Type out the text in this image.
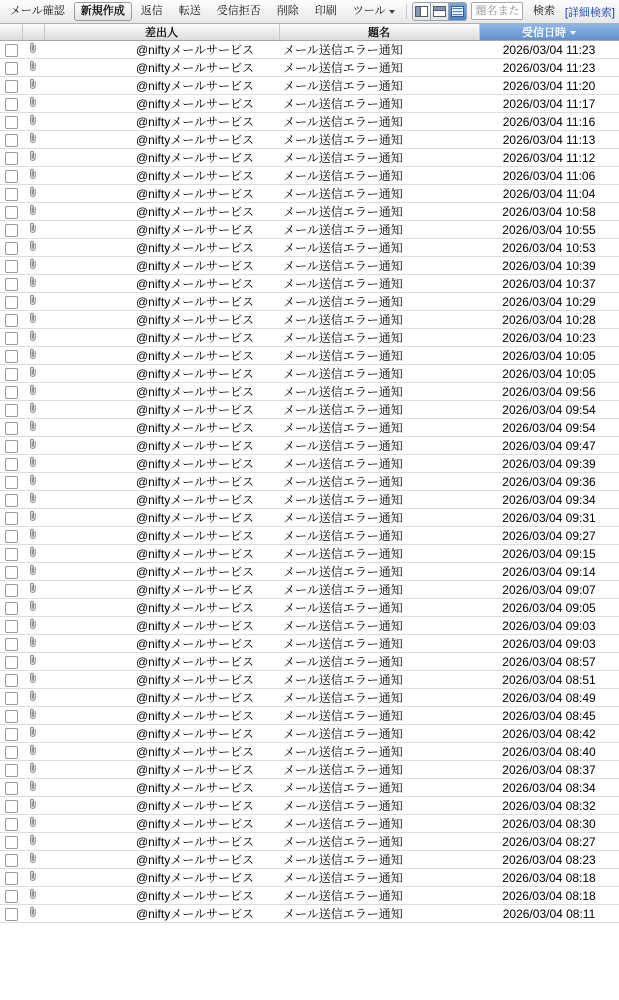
メール確認	新規作成	返信	転送	受信拒否	削除	印刷	ツール
題名または差出人	検索 [詳細検索]
		差出人	題名	受信日時

@niftyメールサービス	メール送信エラー通知	2026/03/04 11:23

@niftyメールサービス	メール送信エラー通知	2026/03/04 11:23

@niftyメールサービス	メール送信エラー通知	2026/03/04 11:20

@niftyメールサービス	メール送信エラー通知	2026/03/04 11:17

@niftyメールサービス	メール送信エラー通知	2026/03/04 11:16

@niftyメールサービス	メール送信エラー通知	2026/03/04 11:13

@niftyメールサービス	メール送信エラー通知	2026/03/04 11:12

@niftyメールサービス	メール送信エラー通知	2026/03/04 11:06

@niftyメールサービス	メール送信エラー通知	2026/03/04 11:04

@niftyメールサービス	メール送信エラー通知	2026/03/04 10:58

@niftyメールサービス	メール送信エラー通知	2026/03/04 10:55

@niftyメールサービス	メール送信エラー通知	2026/03/04 10:53

@niftyメールサービス	メール送信エラー通知	2026/03/04 10:39

@niftyメールサービス	メール送信エラー通知	2026/03/04 10:37

@niftyメールサービス	メール送信エラー通知	2026/03/04 10:29

@niftyメールサービス	メール送信エラー通知	2026/03/04 10:28

@niftyメールサービス	メール送信エラー通知	2026/03/04 10:23

@niftyメールサービス	メール送信エラー通知	2026/03/04 10:05

@niftyメールサービス	メール送信エラー通知	2026/03/04 10:05

@niftyメールサービス	メール送信エラー通知	2026/03/04 09:56

@niftyメールサービス	メール送信エラー通知	2026/03/04 09:54

@niftyメールサービス	メール送信エラー通知	2026/03/04 09:54

@niftyメールサービス	メール送信エラー通知	2026/03/04 09:47

@niftyメールサービス	メール送信エラー通知	2026/03/04 09:39

@niftyメールサービス	メール送信エラー通知	2026/03/04 09:36

@niftyメールサービス	メール送信エラー通知	2026/03/04 09:34

@niftyメールサービス	メール送信エラー通知	2026/03/04 09:31

@niftyメールサービス	メール送信エラー通知	2026/03/04 09:27

@niftyメールサービス	メール送信エラー通知	2026/03/04 09:15

@niftyメールサービス	メール送信エラー通知	2026/03/04 09:14

@niftyメールサービス	メール送信エラー通知	2026/03/04 09:07

@niftyメールサービス	メール送信エラー通知	2026/03/04 09:05

@niftyメールサービス	メール送信エラー通知	2026/03/04 09:03

@niftyメールサービス	メール送信エラー通知	2026/03/04 09:03

@niftyメールサービス	メール送信エラー通知	2026/03/04 08:57

@niftyメールサービス	メール送信エラー通知	2026/03/04 08:51

@niftyメールサービス	メール送信エラー通知	2026/03/04 08:49

@niftyメールサービス	メール送信エラー通知	2026/03/04 08:45

@niftyメールサービス	メール送信エラー通知	2026/03/04 08:42

@niftyメールサービス	メール送信エラー通知	2026/03/04 08:40

@niftyメールサービス	メール送信エラー通知	2026/03/04 08:37

@niftyメールサービス	メール送信エラー通知	2026/03/04 08:34

@niftyメールサービス	メール送信エラー通知	2026/03/04 08:32

@niftyメールサービス	メール送信エラー通知	2026/03/04 08:30

@niftyメールサービス	メール送信エラー通知	2026/03/04 08:27

@niftyメールサービス	メール送信エラー通知	2026/03/04 08:23

@niftyメールサービス	メール送信エラー通知	2026/03/04 08:18

@niftyメールサービス	メール送信エラー通知	2026/03/04 08:18

@niftyメールサービス	メール送信エラー通知	2026/03/04 08:11
